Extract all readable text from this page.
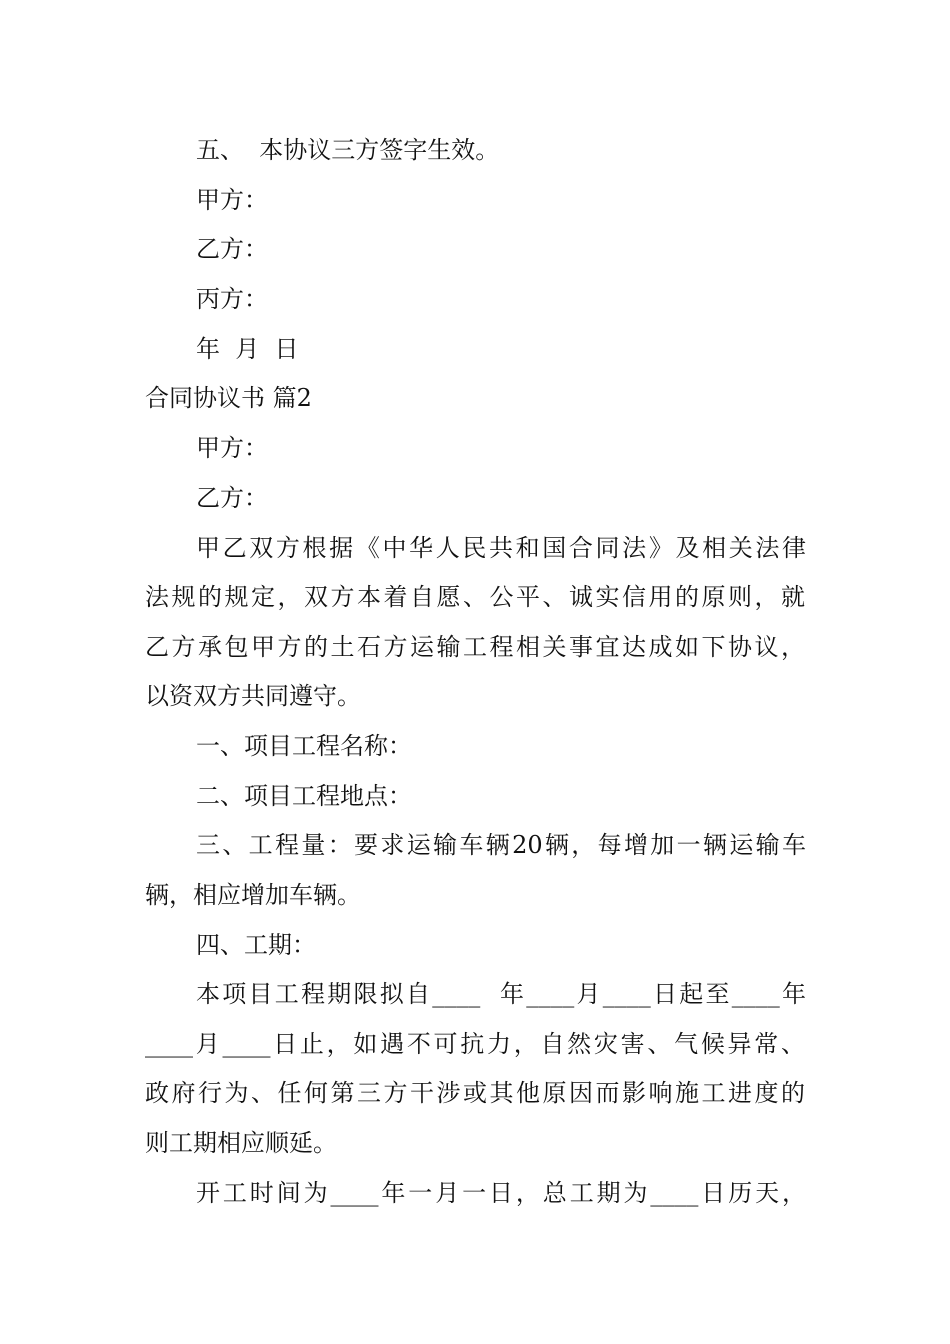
五、  本协议三方签字生效。

甲方：

乙方：

丙方：

年  月  日

合同协议书 篇2

甲方：

乙方：

甲乙双方根据《中华人民共和国合同法》及相关法律

法规的规定，双方本着自愿、公平、诚实信用的原则，就

乙方承包甲方的土石方运输工程相关事宜达成如下协议，

以资双方共同遵守。

一、项目工程名称：

二、项目工程地点：

三、工程量：要求运输车辆20辆，每增加一辆运输车

辆，相应增加车辆。

四、工期：

本项目工程期限拟自____  年____月____日起至____年

____月____日止，如遇不可抗力，自然灾害、气候异常、

政府行为、任何第三方干涉或其他原因而影响施工进度的

则工期相应顺延。

开工时间为____年一月一日，总工期为____日历天，
